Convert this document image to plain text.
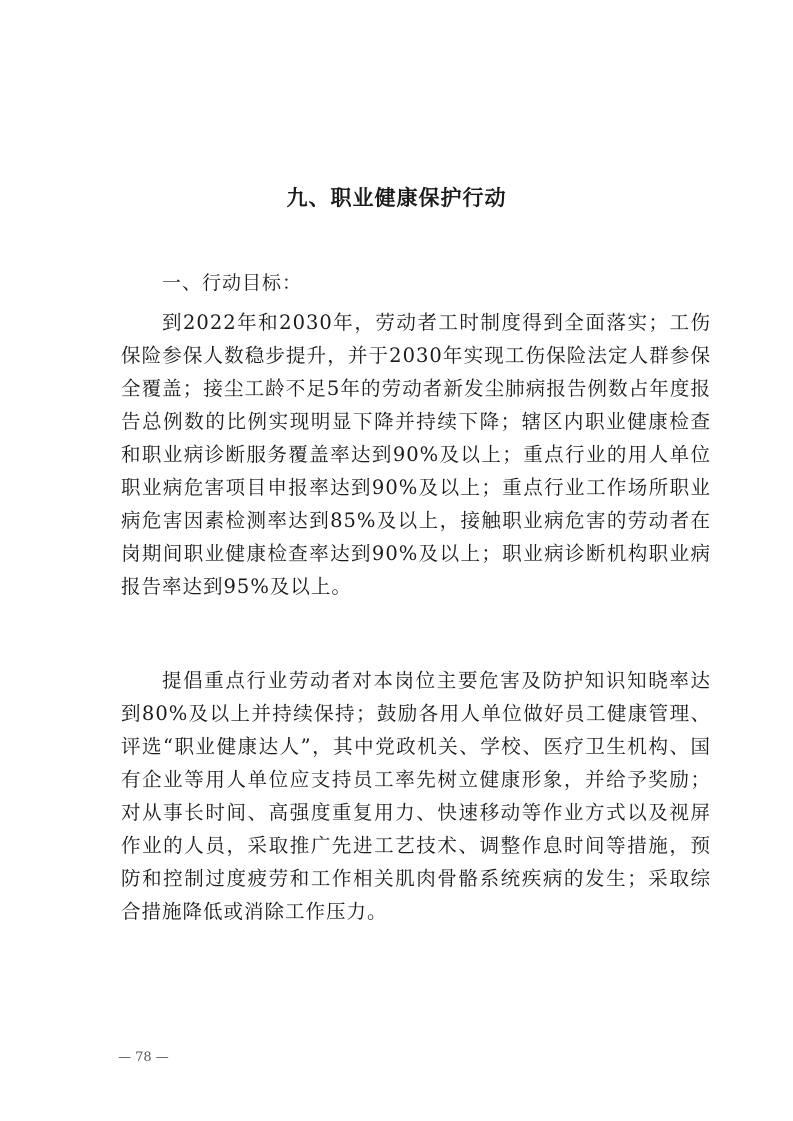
九、职业健康保护行动
一、行动目标：

到2022年和2030年，劳动者工时制度得到全面落实；工伤保险参保人数稳步提升，并于2030年实现工伤保险法定人群参保全覆盖；接尘工龄不足5年的劳动者新发尘肺病报告例数占年度报告总例数的比例实现明显下降并持续下降；辖区内职业健康检查和职业病诊断服务覆盖率达到90%及以上；重点行业的用人单位职业病危害项目申报率达到90%及以上；重点行业工作场所职业病危害因素检测率达到85%及以上，接触职业病危害的劳动者在岗期间职业健康检查率达到90%及以上；职业病诊断机构职业病报告率达到95%及以上。

提倡重点行业劳动者对本岗位主要危害及防护知识知晓率达到80%及以上并持续保持；鼓励各用人单位做好员工健康管理、评选“职业健康达人”，其中党政机关、学校、医疗卫生机构、国有企业等用人单位应支持员工率先树立健康形象，并给予奖励；对从事长时间、高强度重复用力、快速移动等作业方式以及视屏作业的人员，采取推广先进工艺技术、调整作息时间等措施，预防和控制过度疲劳和工作相关肌肉骨骼系统疾病的发生；采取综合措施降低或消除工作压力。

— 78 —
